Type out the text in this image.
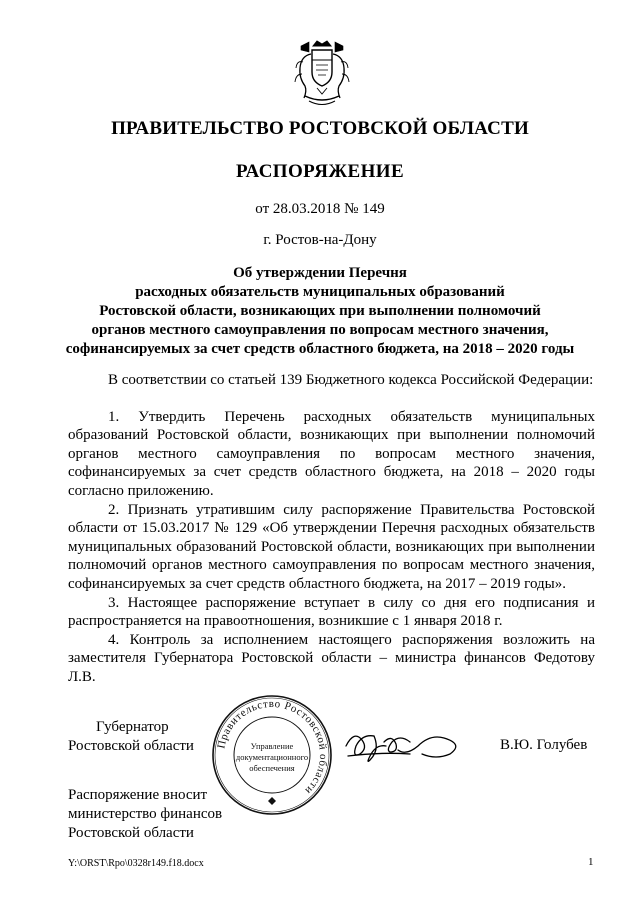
ПРАВИТЕЛЬСТВО РОСТОВСКОЙ ОБЛАСТИ
РАСПОРЯЖЕНИЕ
от 28.03.2018 № 149
г. Ростов-на-Дону
Об утверждении Перечня
расходных обязательств муниципальных образований
Ростовской области, возникающих при выполнении полномочий
органов местного самоуправления по вопросам местного значения,
софинансируемых за счет средств областного бюджета, на 2018 – 2020 годы

В соответствии со статьей 139 Бюджетного кодекса Российской Федерации:

1. Утвердить Перечень расходных обязательств муниципальных образований Ростовской области, возникающих при выполнении полномочий органов местного самоуправления по вопросам местного значения, софинансируемых за счет средств областного бюджета, на 2018 – 2020 годы согласно приложению.

2. Признать утратившим силу распоряжение Правительства Ростовской области от 15.03.2017 № 129 «Об утверждении Перечня расходных обязательств муниципальных образований Ростовской области, возникающих при выполнении полномочий органов местного самоуправления по вопросам местного значения, софинансируемых за счет средств областного бюджета, на 2017 – 2019 годы».

3. Настоящее распоряжение вступает в силу со дня его подписания и распространяется на правоотношения, возникшие с 1 января 2018 г.

4. Контроль за исполнением настоящего распоряжения возложить на заместителя Губернатора Ростовской области – министра финансов Федотову Л.В.

Губернатор
Ростовской области Правительство Ростовской области
Управление
документационного
обеспечения
В.Ю. Голубев
Распоряжение вносит
министерство финансов
Ростовской области
Y:\ORST\Rpo\0328r149.f18.docx	1
